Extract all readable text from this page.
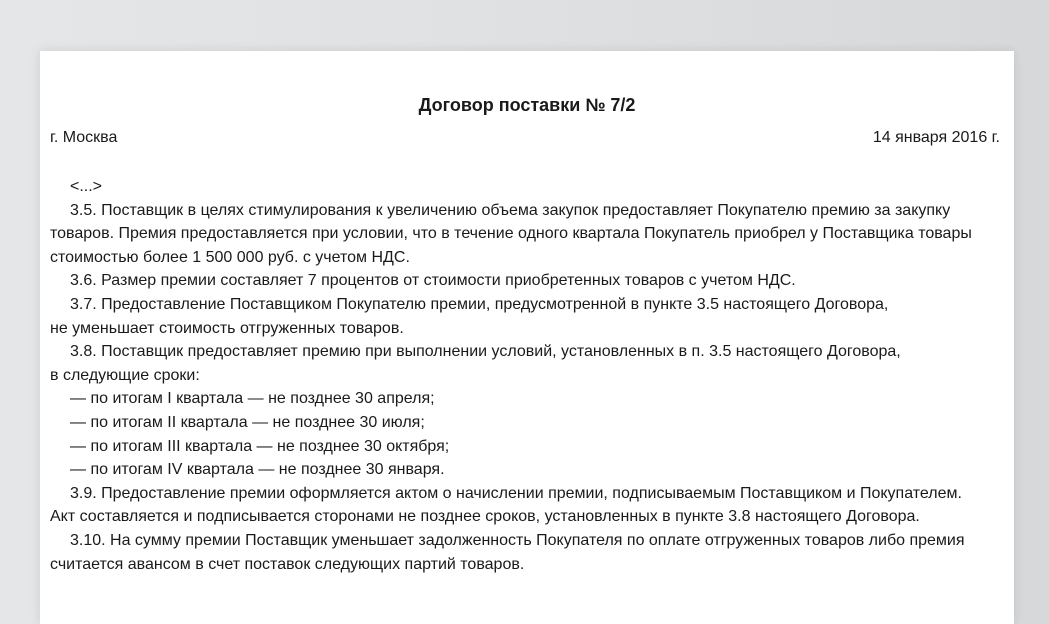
Договор поставки № 7/2
г. Москва	14 января 2016 г.
<...>
3.5. Поставщик в целях стимулирования к увеличению объема закупок предоставляет Покупателю премию за закупку
товаров. Премия предоставляется при условии, что в течение одного квартала Покупатель приобрел у Поставщика товары
стоимостью более 1 500 000 руб. с учетом НДС.
3.6. Размер премии составляет 7 процентов от стоимости приобретенных товаров с учетом НДС.
3.7. Предоставление Поставщиком Покупателю премии, предусмотренной в пункте 3.5 настоящего Договора,
не уменьшает стоимость отгруженных товаров.
3.8. Поставщик предоставляет премию при выполнении условий, установленных в п. 3.5 настоящего Договора,
в следующие сроки:
— по итогам I квартала — не позднее 30 апреля;
— по итогам II квартала — не позднее 30 июля;
— по итогам III квартала — не позднее 30 октября;
— по итогам IV квартала — не позднее 30 января.
3.9. Предоставление премии оформляется актом о начислении премии, подписываемым Поставщиком и Покупателем.
Акт составляется и подписывается сторонами не позднее сроков, установленных в пункте 3.8 настоящего Договора.
3.10. На сумму премии Поставщик уменьшает задолженность Покупателя по оплате отгруженных товаров либо премия
считается авансом в счет поставок следующих партий товаров.
